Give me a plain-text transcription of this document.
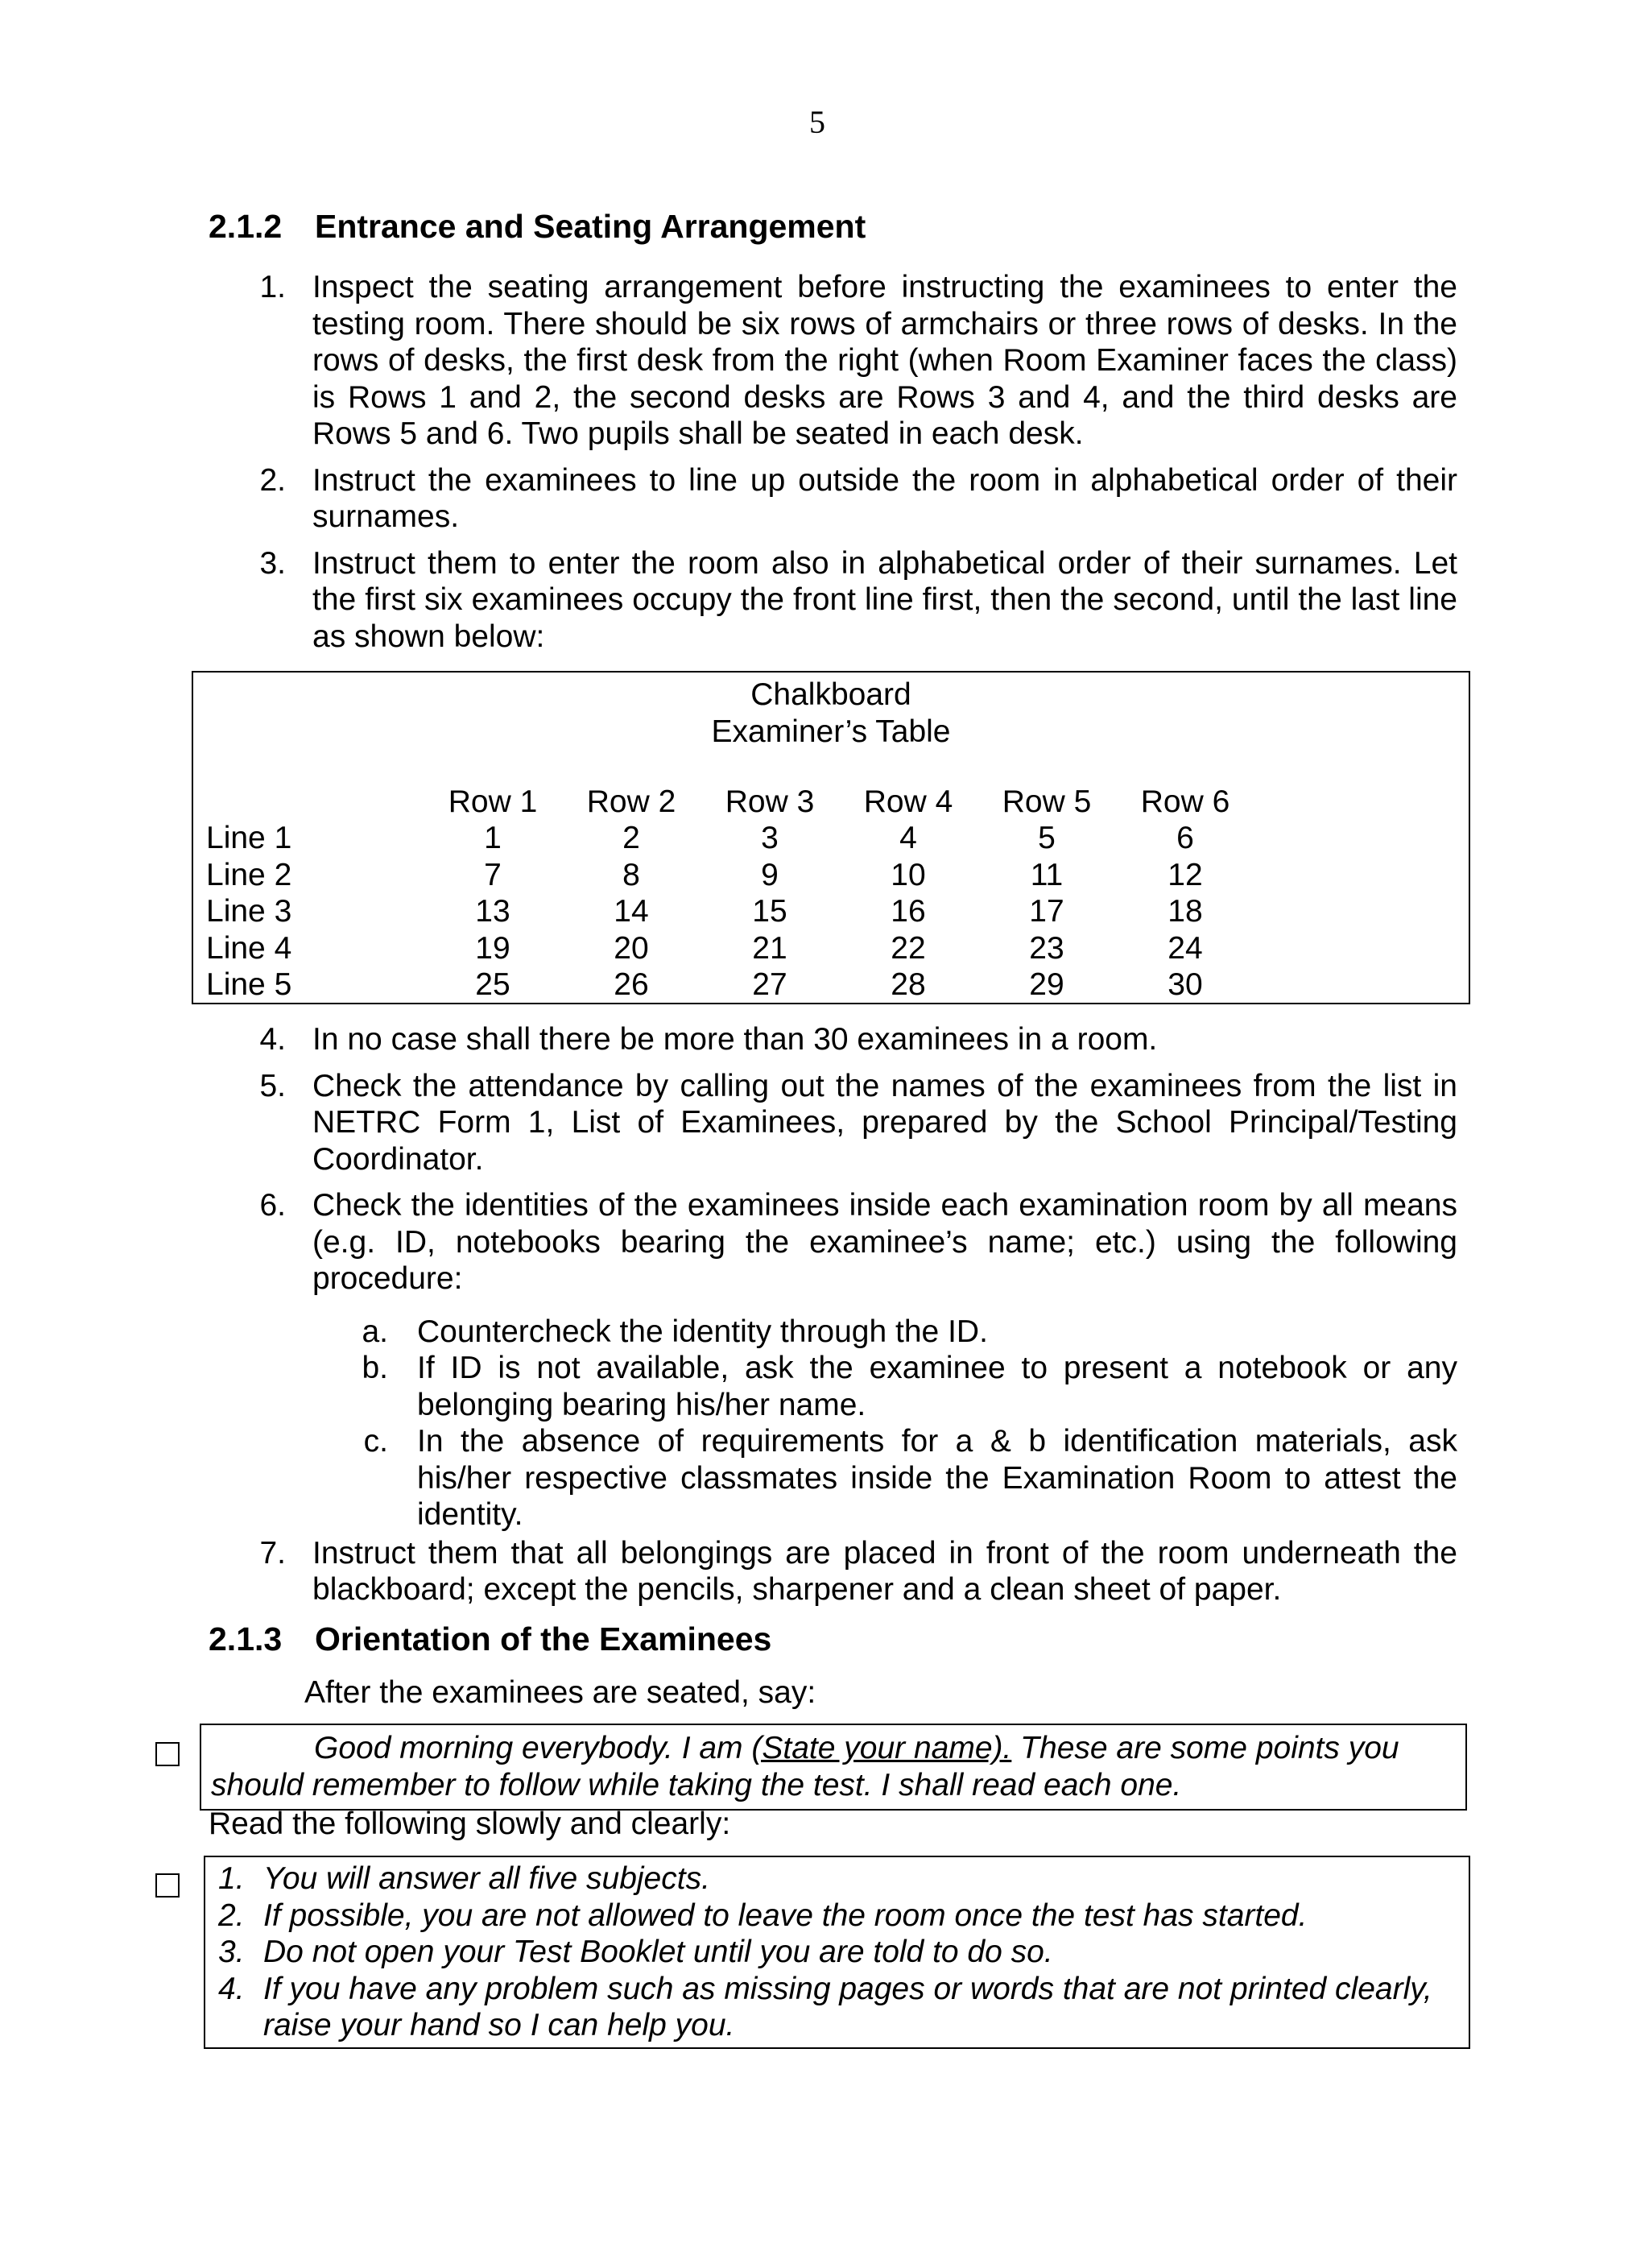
5
2.1.2 Entrance and Seating Arrangement
1. Inspect the seating arrangement before instructing the examinees to enter the testing room. There should be six rows of armchairs or three rows of desks. In the rows of desks, the first desk from the right (when Room Examiner faces the class) is Rows 1 and 2, the second desks are Rows 3 and 4, and the third desks are Rows 5 and 6. Two pupils shall be seated in each desk.
2. Instruct the examinees to line up outside the room in alphabetical order of their surnames.
3. Instruct them to enter the room also in alphabetical order of their surnames. Let the first six examinees occupy the front line first, then the second, until the last line as shown below:
Chalkboard
Examiner’s Table
	Row 1	Row 2	Row 3	Row 4	Row 5	Row 6
Line 1	1	2	3	4	5	6
Line 2	7	8	9	10	11	12
Line 3	13	14	15	16	17	18
Line 4	19	20	21	22	23	24
Line 5	25	26	27	28	29	30
4. In no case shall there be more than 30 examinees in a room.
5. Check the attendance by calling out the names of the examinees from the list in NETRC Form 1, List of Examinees, prepared by the School Principal/Testing Coordinator.
6. Check the identities of the examinees inside each examination room by all means (e.g. ID, notebooks bearing the examinee’s name; etc.) using the following procedure:
a. Countercheck the identity through the ID.
b. If ID is not available, ask the examinee to present a notebook or any belonging bearing his/her name.
c. In the absence of requirements for a & b identification materials, ask his/her respective classmates inside the Examination Room to attest the identity.
7. Instruct them that all belongings are placed in front of the room underneath the blackboard; except the pencils, sharpener and a clean sheet of paper.
2.1.3 Orientation of the Examinees
After the examinees are seated, say:
Good morning everybody. I am (State your name). These are some points you should remember to follow while taking the test. I shall read each one.
Read the following slowly and clearly:
1. You will answer all five subjects.
2. If possible, you are not allowed to leave the room once the test has started.
3. Do not open your Test Booklet until you are told to do so.
4. If you have any problem such as missing pages or words that are not printed clearly, raise your hand so I can help you.
